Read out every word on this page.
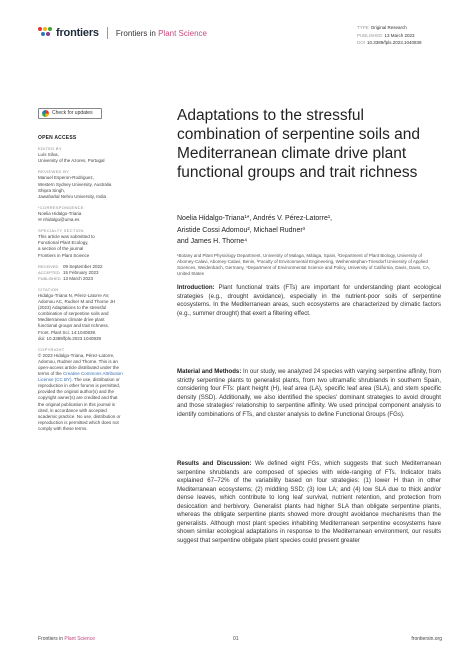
frontiers Frontiers in Plant Science
TYPE Original Research
PUBLISHED 13 March 2023
DOI 10.3389/fpls.2023.1040839
Check for updates
OPEN ACCESS
EDITED BY
Luís Silva,
University of the Azores, Portugal
REVIEWED BY
Manuel Esperon-Rodriguez,
Western Sydney University, Australia
Shipra Singh,
Jawaharlal Nehru University, India
*CORRESPONDENCE
Noelia Hidalgo-Triana
✉ nhidalgo@uma.es
SPECIALTY SECTION
This article was submitted to
Functional Plant Ecology,
a section of the journal
Frontiers in Plant Science
RECEIVED	09 September 2022
ACCEPTED 15 February 2023
PUBLISHED 13 March 2023
CITATION
Hidalgo-Triana N, Pérez-Latorre AV,
Adomou AC, Rudner M and Thorne JH
(2023) Adaptations to the stressful
combination of serpentine soils and
Mediterranean climate drive plant
functional groups and trait richness.
Front. Plant Sci. 14:1040839.
doi: 10.3389/fpls.2023.1040839
COPYRIGHT
© 2023 Hidalgo-Triana, Pérez-Latorre,
Adomou, Rudner and Thorne. This is an
open-access article distributed under the
terms of the Creative Commons Attribution
License (CC BY). The use, distribution or
reproduction in other forums is permitted,
provided the original author(s) and the
copyright owner(s) are credited and that
the original publication in this journal is
cited, in accordance with accepted
academic practice. No use, distribution or
reproduction is permitted which does not
comply with these terms.
Adaptations to the stressful combination of serpentine soils and Mediterranean climate drive plant functional groups and trait richness
Noelia Hidalgo-Triana¹*, Andrés V. Pérez-Latorre¹,
Aristide Cossi Adomou², Michael Rudner³
and James H. Thorne⁴
¹Botany and Plant Physiology Department, University of Malaga, Málaga, Spain, ²Department of Plant Biology, University of Abomey-Calavi, Abomey-Calavi, Benin, ³Faculty of Environmental Engineering, Weihenstephan-Triesdorf University of Applied Sciences, Weidenbach, Germany, ⁴Department of Environmental Science and Policy, University of California, Davis, Davis, CA, United States

Introduction: Plant functional traits (FTs) are important for understanding plant ecological strategies (e.g., drought avoidance), especially in the nutrient-poor soils of serpentine ecosystems. In the Mediterranean areas, such ecosystems are characterized by climatic factors (e.g., summer drought) that exert a filtering effect.

Material and Methods: In our study, we analyzed 24 species with varying serpentine affinity, from strictly serpentine plants to generalist plants, from two ultramafic shrublands in southern Spain, considering four FTs: plant height (H), leaf area (LA), specific leaf area (SLA), and stem specific density (SSD). Additionally, we also identified the species' dominant strategies to avoid drought and those strategies' relationship to serpentine affinity. We used principal component analysis to identify combinations of FTs, and cluster analysis to define Functional Groups (FGs).

Results and Discussion: We defined eight FGs, which suggests that such Mediterranean serpentine shrublands are composed of species with wide-ranging of FTs. Indicator traits explained 67–72% of the variability based on four strategies: (1) lower H than in other Mediterranean ecosystems; (2) middling SSD; (3) low LA; and (4) low SLA due to thick and/or dense leaves, which contribute to long leaf survival, nutrient retention, and protection from desiccation and herbivory. Generalist plants had higher SLA than obligate serpentine plants, whereas the obligate serpentine plants showed more drought avoidance mechanisms than the generalists. Although most plant species inhabiting Mediterranean serpentine ecosystems have shown similar ecological adaptations in response to the Mediterranean environment, our results suggest that serpentine obligate plant species could present greater

Frontiers in Plant Science	01	frontiersin.org
